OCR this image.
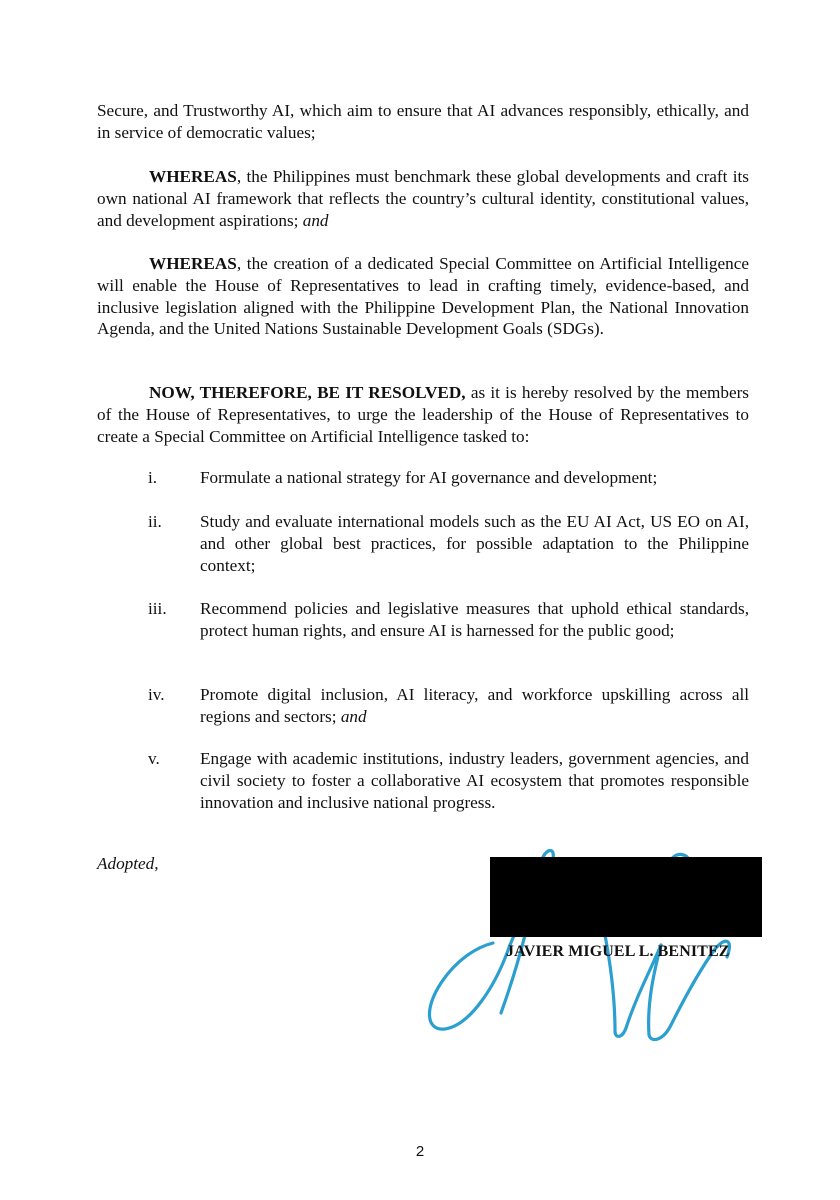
Secure, and Trustworthy AI, which aim to ensure that AI advances responsibly, ethically, and in service of democratic values;

WHEREAS, the Philippines must benchmark these global developments and craft its own national AI framework that reflects the country’s cultural identity, constitutional values, and development aspirations; and

WHEREAS, the creation of a dedicated Special Committee on Artificial Intelligence will enable the House of Representatives to lead in crafting timely, evidence-based, and inclusive legislation aligned with the Philippine Development Plan, the National Innovation Agenda, and the United Nations Sustainable Development Goals (SDGs).

NOW, THEREFORE, BE IT RESOLVED, as it is hereby resolved by the members of the House of Representatives, to urge the leadership of the House of Representatives to create a Special Committee on Artificial Intelligence tasked to:

i. Formulate a national strategy for AI governance and development;

ii. Study and evaluate international models such as the EU AI Act, US EO on AI, and other global best practices, for possible adaptation to the Philippine context;

iii. Recommend policies and legislative measures that uphold ethical standards, protect human rights, and ensure AI is harnessed for the public good;

iv. Promote digital inclusion, AI literacy, and workforce upskilling across all regions and sectors; and

v. Engage with academic institutions, industry leaders, government agencies, and civil society to foster a collaborative AI ecosystem that promotes responsible innovation and inclusive national progress.

Adopted,
JAVIER MIGUEL L. BENITEZ
2
